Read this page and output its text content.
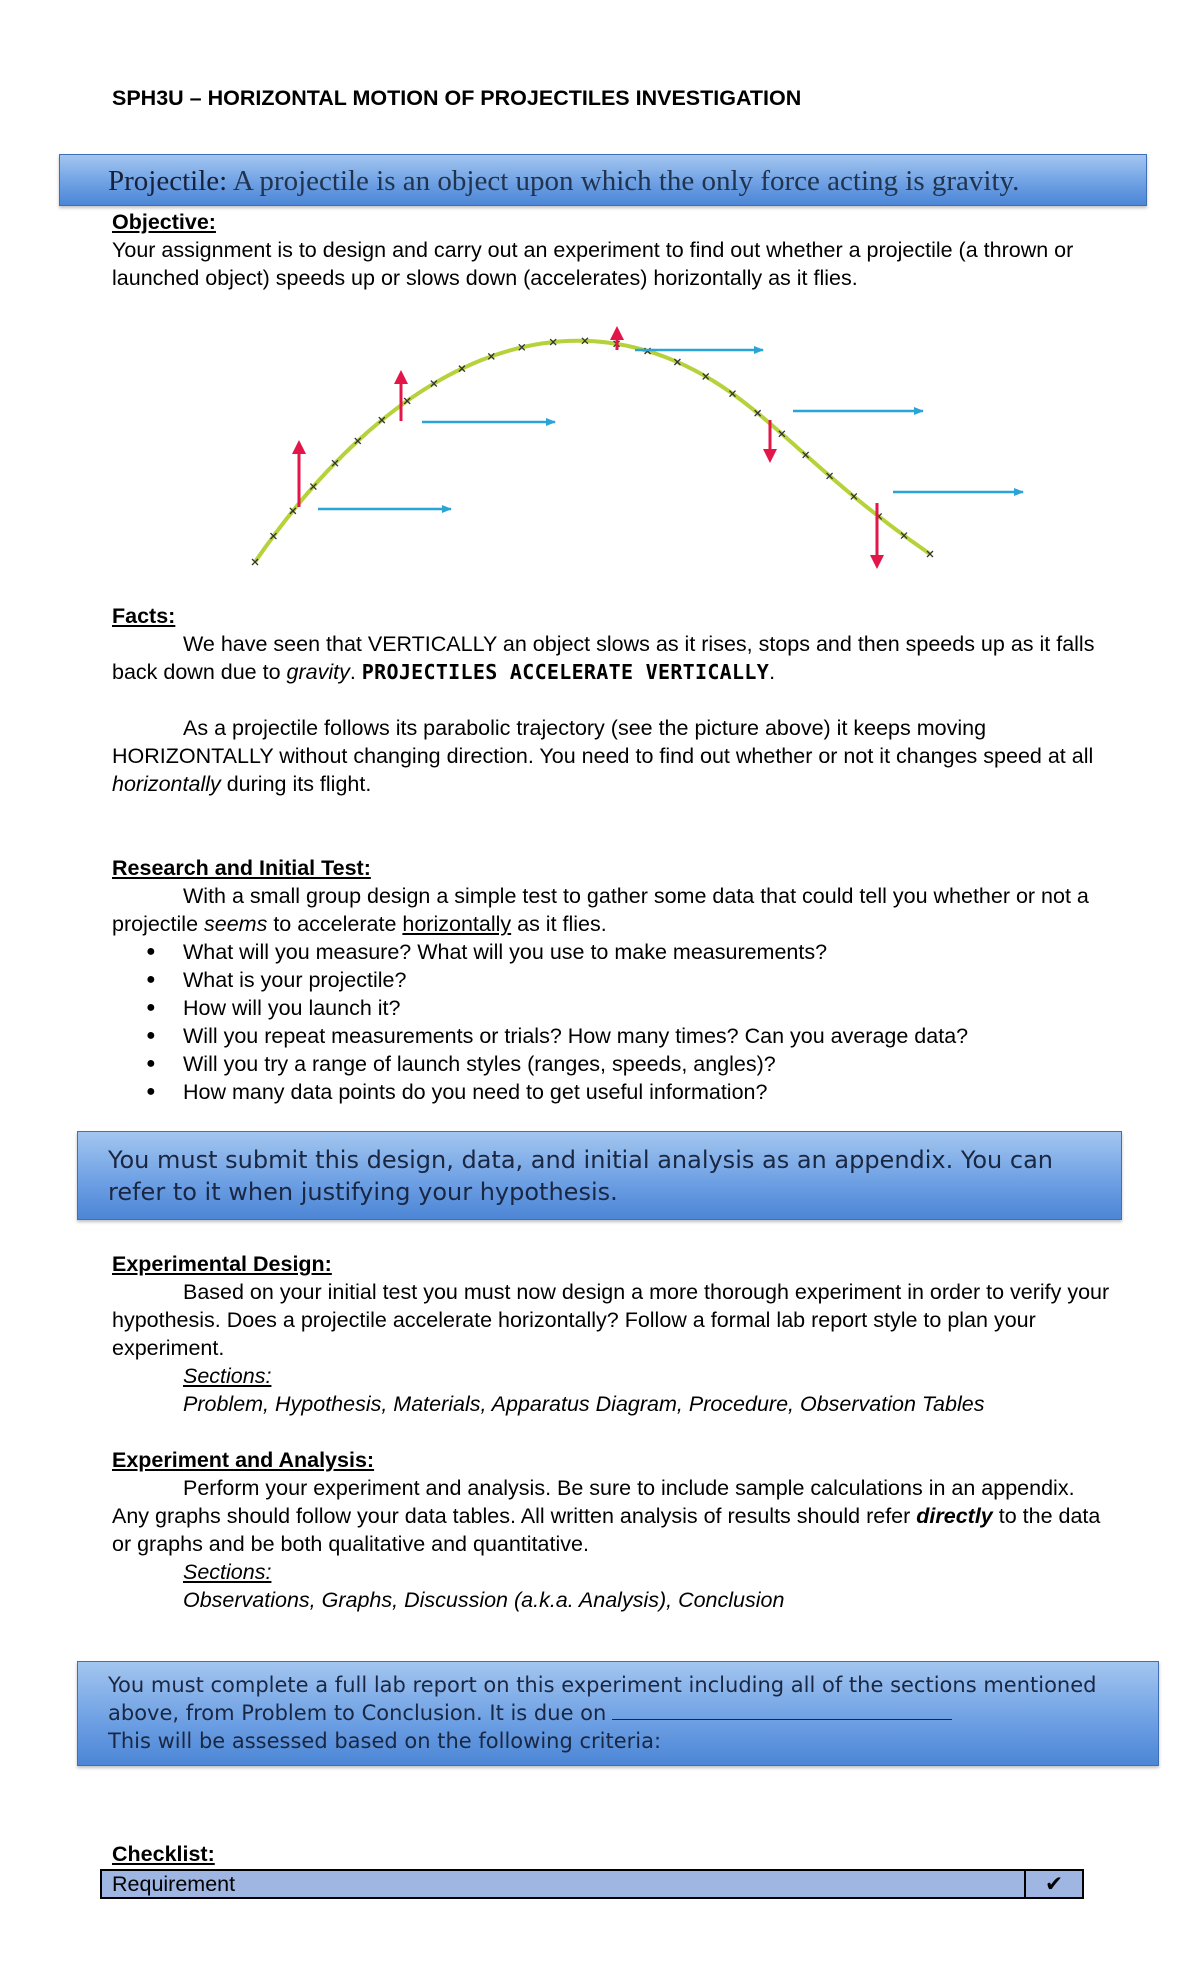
SPH3U – HORIZONTAL MOTION OF PROJECTILES INVESTIGATION
Projectile: A projectile is an object upon which the only force acting is gravity.
Objective:
Your assignment is to design and carry out an experiment to find out whether a projectile (a thrown or launched object) speeds up or slows down (accelerates) horizontally as it flies.
Facts:
We have seen that VERTICALLY an object slows as it rises, stops and then speeds up as it falls back down due to gravity. PROJECTILES ACCELERATE VERTICALLY.
As a projectile follows its parabolic trajectory (see the picture above) it keeps moving HORIZONTALLY without changing direction. You need to find out whether or not it changes speed at all horizontally during its flight.
Research and Initial Test:
With a small group design a simple test to gather some data that could tell you whether or not a projectile seems to accelerate horizontally as it flies.
● What will you measure? What will you use to make measurements?
● What is your projectile?
● How will you launch it?
● Will you repeat measurements or trials? How many times? Can you average data?
● Will you try a range of launch styles (ranges, speeds, angles)?
● How many data points do you need to get useful information?
You must submit this design, data, and initial analysis as an appendix. You can
refer to it when justifying your hypothesis.
Experimental Design:
Based on your initial test you must now design a more thorough experiment in order to verify your hypothesis. Does a projectile accelerate horizontally? Follow a formal lab report style to plan your experiment.
Sections:
Problem, Hypothesis, Materials, Apparatus Diagram, Procedure, Observation Tables
Experiment and Analysis:
Perform your experiment and analysis. Be sure to include sample calculations in an appendix. Any graphs should follow your data tables. All written analysis of results should refer directly to the data or graphs and be both qualitative and quantitative.
Sections:
Observations, Graphs, Discussion (a.k.a. Analysis), Conclusion
You must complete a full lab report on this experiment including all of the sections mentioned
above, from Problem to Conclusion. It is due on
This will be assessed based on the following criteria:
Checklist:
Requirement	✔
